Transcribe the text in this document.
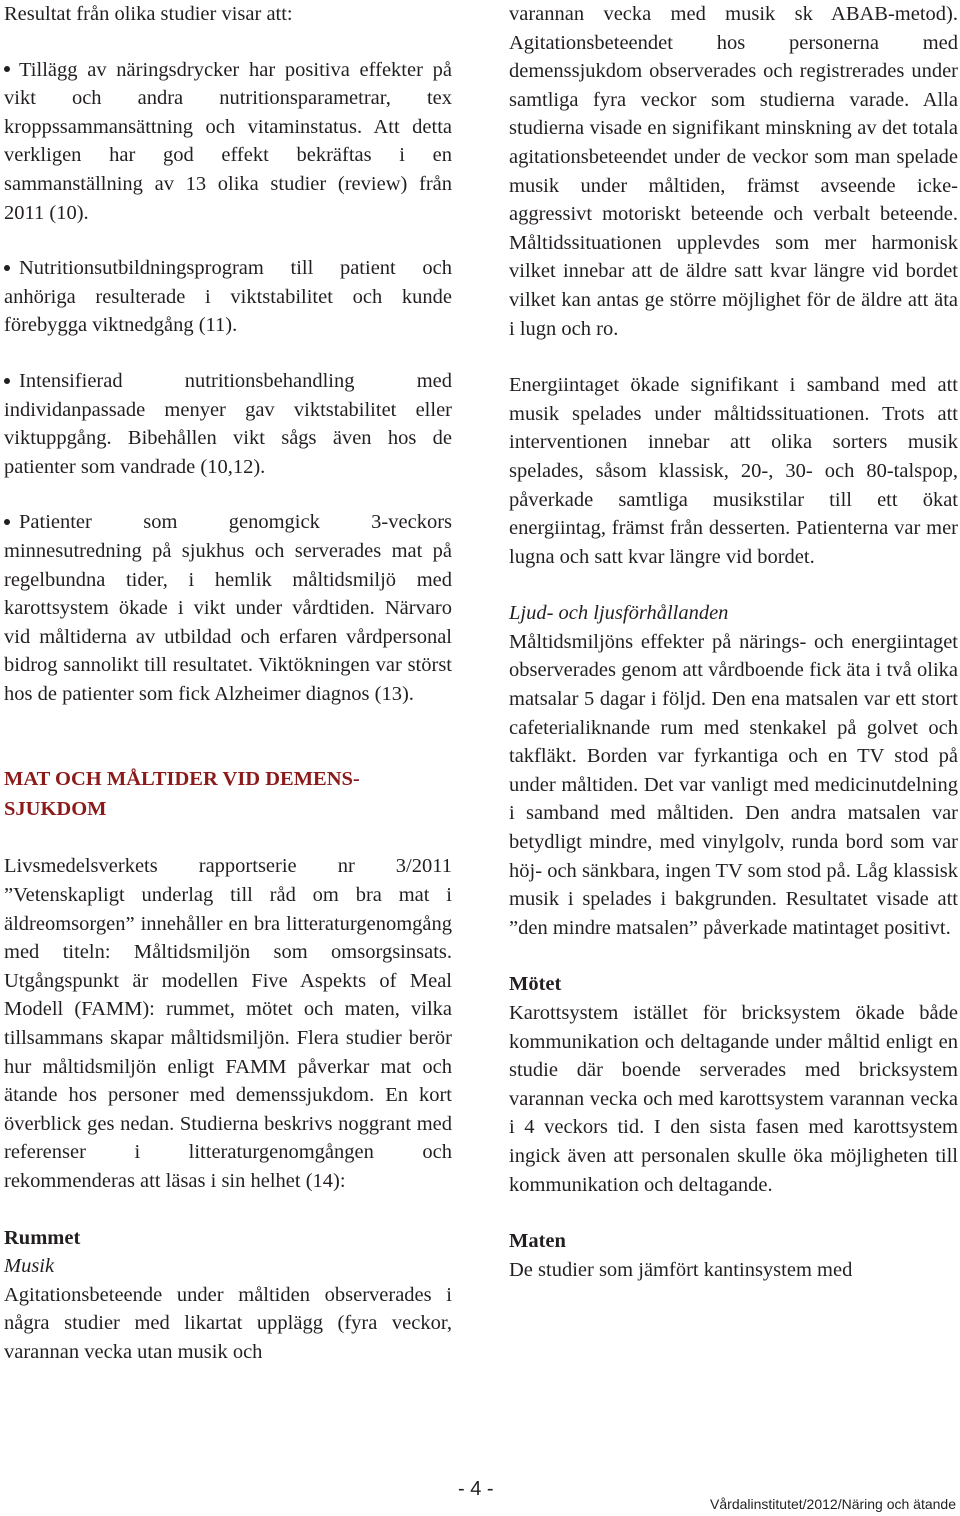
Resultat från olika studier visar att:

Tillägg av näringsdrycker har positiva effekter på vikt och andra nutritionsparametrar, tex kroppssammansättning och vitaminstatus. Att detta verkligen har god effekt bekräftas i en sammanställning av 13 olika studier (review) från 2011 (10).

Nutritionsutbildningsprogram till patient och anhöriga resulterade i viktstabilitet och kunde förebygga viktnedgång (11).

Intensifierad nutritionsbehandling med individanpassade menyer gav viktstabilitet eller viktuppgång. Bibehållen vikt sågs även hos de patienter som vandrade (10,12).

Patienter som genomgick 3-veckors minnesutredning på sjukhus och serverades mat på regelbundna tider, i hemlik måltidsmiljö med karottsystem ökade i vikt under vårdtiden. Närvaro vid måltiderna av utbildad och erfaren vårdpersonal bidrog sannolikt till resultatet. Viktökningen var störst hos de patienter som fick Alzheimer diagnos (13).

MAT OCH MÅLTIDER VID DEMENS-SJUKDOM

Livsmedelsverkets rapportserie nr 3/2011 ”Vetenskapligt underlag till råd om bra mat i äldreomsorgen” innehåller en bra litteraturgenomgång med titeln: Måltidsmiljön som omsorgsinsats. Utgångspunkt är modellen Five Aspekts of Meal Modell (FAMM): rummet, mötet och maten, vilka tillsammans skapar måltidsmiljön. Flera studier berör hur måltidsmiljön enligt FAMM påverkar mat och ätande hos personer med demenssjukdom. En kort överblick ges nedan. Studierna beskrivs noggrant med referenser i litteraturgenomgången och rekommenderas att läsas i sin helhet (14):

Rummet

Musik

Agitationsbeteende under måltiden observerades i några studier med likartat upplägg (fyra veckor, varannan vecka utan musik och

varannan vecka med musik sk ABAB-metod). Agitationsbeteendet hos personerna med demenssjukdom observerades och registrerades under samtliga fyra veckor som studierna varade. Alla studierna visade en signifikant minskning av det totala agitationsbeteendet under de veckor som man spelade musik under måltiden, främst avseende icke-aggressivt motoriskt beteende och verbalt beteende. Måltidssituationen upplevdes som mer harmonisk vilket innebar att de äldre satt kvar längre vid bordet vilket kan antas ge större möjlighet för de äldre att äta i lugn och ro.

Energiintaget ökade signifikant i samband med att musik spelades under måltidssituationen. Trots att interventionen innebar att olika sorters musik spelades, såsom klassisk, 20-, 30- och 80-talspop, påverkade samtliga musikstilar till ett ökat energiintag, främst från desserten. Patienterna var mer lugna och satt kvar längre vid bordet.

Ljud- och ljusförhållanden

Måltidsmiljöns effekter på närings- och energiintaget observerades genom att vårdboende fick äta i två olika matsalar 5 dagar i följd. Den ena matsalen var ett stort cafeterialiknande rum med stenkakel på golvet och takfläkt. Borden var fyrkantiga och en TV stod på under måltiden. Det var vanligt med medicinutdelning i samband med måltiden. Den andra matsalen var betydligt mindre, med vinylgolv, runda bord som var höj- och sänkbara, ingen TV som stod på. Låg klassisk musik i spelades i bakgrunden. Resultatet visade att ”den mindre matsalen” påverkade matintaget positivt.

Mötet

Karottsystem istället för bricksystem ökade både kommunikation och deltagande under måltid enligt en studie där boende serverades med bricksystem varannan vecka och med karottsystem varannan vecka i 4 veckors tid. I den sista fasen med karottsystem ingick även att personalen skulle öka möjligheten till kommunikation och deltagande.

Maten

De studier som jämfört kantinsystem med

- 4 -
Vårdalinstitutet/2012/Näring och ätande
